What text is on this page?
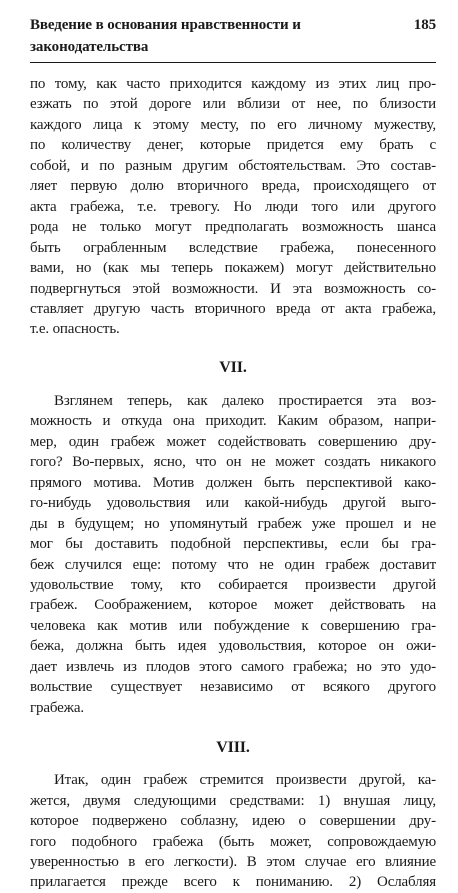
Введение в основания нравственности и законодательства
185

по тому, как часто приходится каждому из этих лиц про-
езжать по этой дороге или вблизи от нее, по близости
каждого лица к этому месту, по его личному мужеству,
по количеству денег, которые придется ему брать с
собой, и по разным другим обстоятельствам. Это состав-
ляет первую долю вторичного вреда, происходящего от
акта грабежа, т.е. тревогу. Но люди того или другого
рода не только могут предполагать возможность шанса
быть ограбленным вследствие грабежа, понесенного
вами, но (как мы теперь покажем) могут действительно
подвергнуться этой возможности. И эта возможность со-
ставляет другую часть вторичного вреда от акта грабежа,
т.е. опасность.

VII.

Взглянем теперь, как далеко простирается эта воз-
можность и откуда она приходит. Каким образом, напри-
мер, один грабеж может содействовать совершению дру-
гого? Во-первых, ясно, что он не может создать никакого
прямого мотива. Мотив должен быть перспективой како-
го-нибудь удовольствия или какой-нибудь другой выго-
ды в будущем; но упомянутый грабеж уже прошел и не
мог бы доставить подобной перспективы, если бы гра-
беж случился еще: потому что не один грабеж доставит
удовольствие тому, кто собирается произвести другой
грабеж. Соображением, которое может действовать на
человека как мотив или побуждение к совершению гра-
бежа, должна быть идея удовольствия, которое он ожи-
дает извлечь из плодов этого самого грабежа; но это удо-
вольствие существует независимо от всякого другого
грабежа.

VIII.

Итак, один грабеж стремится произвести другой, ка-
жется, двумя следующими средствами: 1) внушая лицу,
которое подвержено соблазну, идею о совершении дру-
гого подобного грабежа (быть может, сопровождаемую
уверенностью в его легкости). В этом случае его влияние
прилагается прежде всего к пониманию. 2) Ослабляя
